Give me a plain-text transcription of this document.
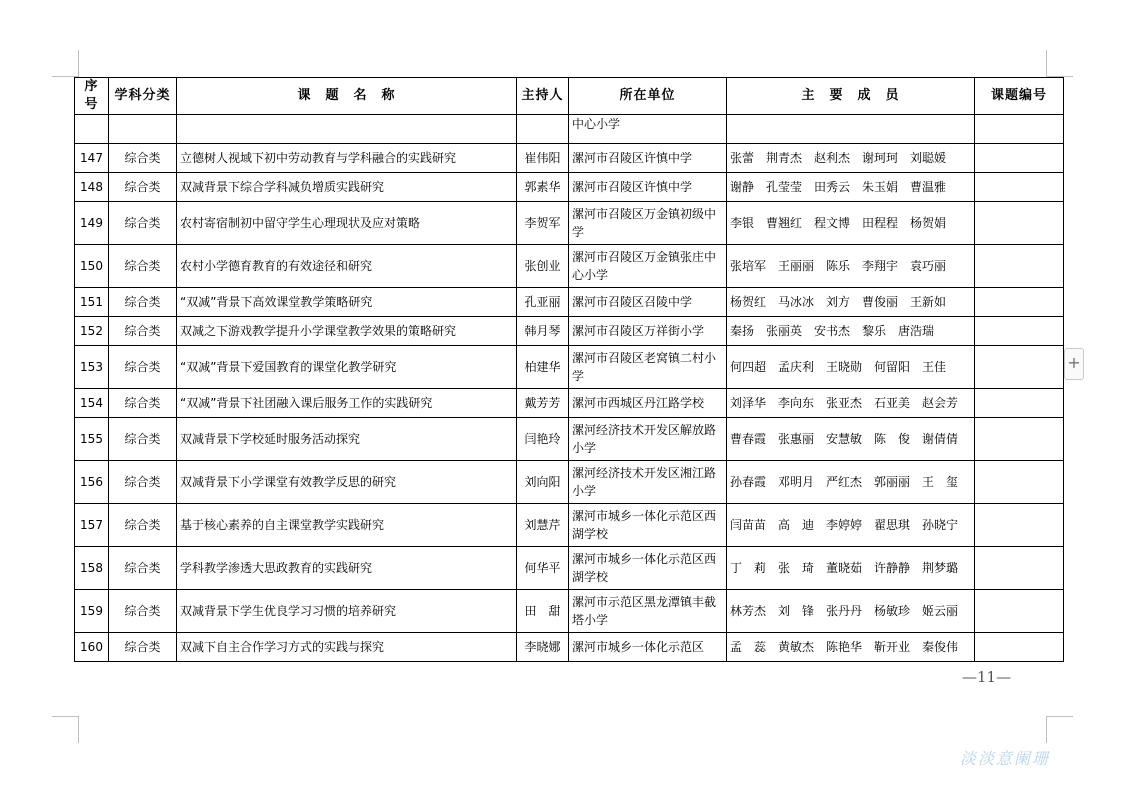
序号	学科分类	课　题　名　称	主持人	所在单位	主　要　成　员	课题编号
				中心小学		
147	综合类	立德树人视域下初中劳动教育与学科融合的实践研究	崔伟阳	漯河市召陵区许慎中学	张蕾　荆青杰　赵利杰　谢珂珂　刘聪媛	
148	综合类	双减背景下综合学科减负增质实践研究	郭素华	漯河市召陵区许慎中学	谢静　孔莹莹　田秀云　朱玉娟　曹温雅	
149	综合类	农村寄宿制初中留守学生心理现状及应对策略	李贺军	漯河市召陵区万金镇初级中学	李银　曹翘红　程文博　田程程　杨贺娟	
150	综合类	农村小学德育教育的有效途径和研究	张创业	漯河市召陵区万金镇张庄中心小学	张培军　王丽丽　陈乐　李翔宇　袁巧丽	
151	综合类	“双减”背景下高效课堂教学策略研究	孔亚丽	漯河市召陵区召陵中学	杨贺红　马冰冰　刘方　曹俊丽　王新如	
152	综合类	双减之下游戏教学提升小学课堂教学效果的策略研究	韩月琴	漯河市召陵区万祥街小学	秦扬　张丽英　安书杰　黎乐　唐浩瑞	
153	综合类	“双减”背景下爱国教育的课堂化教学研究	柏建华	漯河市召陵区老窝镇二村小学	何四超　孟庆利　王晓勋　何留阳　王佳	
154	综合类	“双减”背景下社团融入课后服务工作的实践研究	戴芳芳	漯河市西城区丹江路学校	刘泽华　李向东　张亚杰　石亚美　赵会芳	
155	综合类	双减背景下学校延时服务活动探究	闫艳玲	漯河经济技术开发区解放路小学	曹春霞　张惠丽　安慧敏　陈　俊　谢倩倩	
156	综合类	双减背景下小学课堂有效教学反思的研究	刘向阳	漯河经济技术开发区湘江路小学	孙春霞　邓明月　严红杰　郭丽丽　王　玺	
157	综合类	基于核心素养的自主课堂教学实践研究	刘慧芹	漯河市城乡一体化示范区西湖学校	闫苗苗　高　迪　李婷婷　翟思琪　孙晓宁	
158	综合类	学科教学渗透大思政教育的实践研究	何华平	漯河市城乡一体化示范区西湖学校	丁　莉　张　琦　董晓茹　许静静　荆梦璐	
159	综合类	双减背景下学生优良学习习惯的培养研究	田　甜	漯河市示范区黑龙潭镇丰截塔小学	林芳杰　刘　锋　张丹丹　杨敏珍　姬云丽	
160	综合类	双减下自主合作学习方式的实践与探究	李晓娜	漯河市城乡一体化示范区	孟　蕊　黄敏杰　陈艳华　靳开业　秦俊伟	
—11—
+
淡淡意阑珊
